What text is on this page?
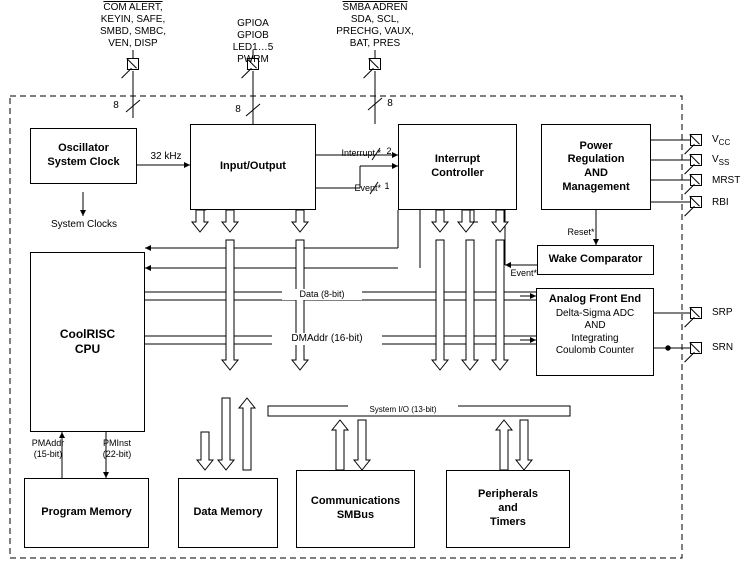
COM ALERT,
KEYIN, SAFE,
SMBD, SMBC,
VEN, DISP
GPIOA
GPIOB
LED1…5
PWRM
SMBA ADREN
SDA, SCL,
PRECHG, VAUX,
BAT, PRES
8	8
8
Oscillator
System Clock	Input/Output
Interrupt
Controller
Power
Regulation
AND
Management
Wake Comparator
Analog Front End
Delta-Sigma ADC
AND
Integrating
Coulomb Counter
CoolRISC
CPU
Program Memory	Data Memory
Communications
SMBus
Peripherals
and
Timers
32 kHz
System Clocks
Interrupt * 2
Event* 1
Reset*
Event*
Data (8-bit)
DMAddr (16-bit)
System I/O (13-bit)
PMAddr
(15-bit)
PMInst
(22-bit)
$V_{CC}$
$V_{SS}$
MRST
RBI
SRP
SRN
